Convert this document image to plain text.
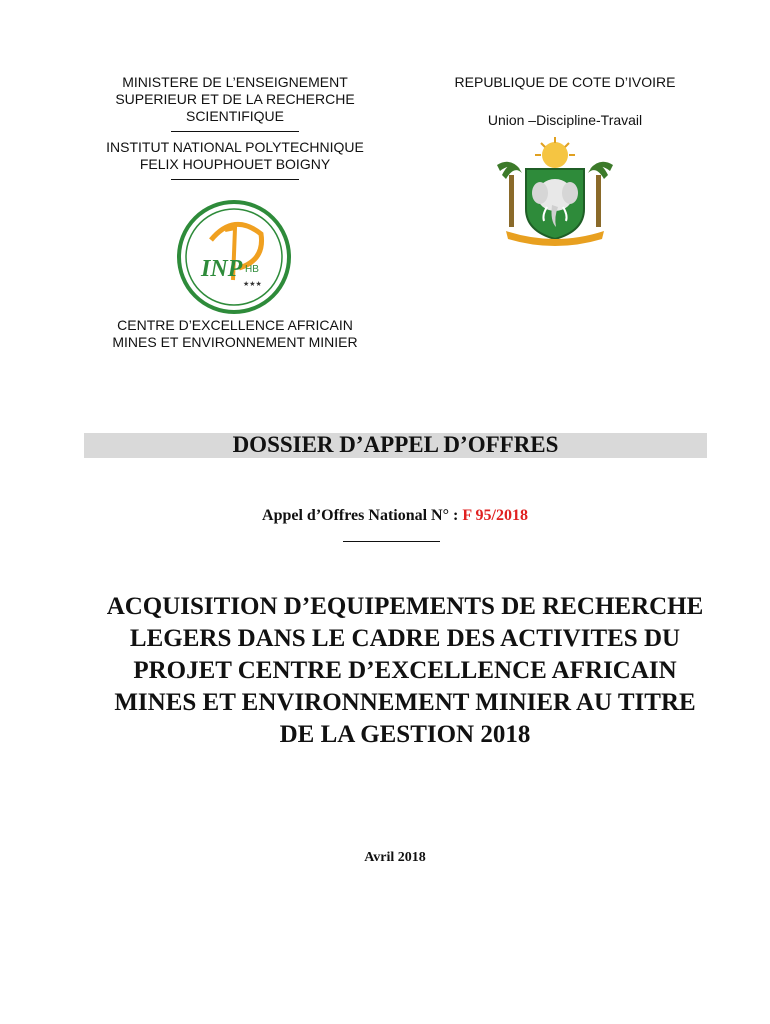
MINISTERE DE L’ENSEIGNEMENT
SUPERIEUR ET DE LA RECHERCHE
SCIENTIFIQUE
INSTITUT NATIONAL POLYTECHNIQUE
FELIX HOUPHOUET BOIGNY
REPUBLIQUE DE COTE D’IVOIRE
Union –Discipline-Travail
INP HB
★★★
CENTRE D’EXCELLENCE AFRICAIN
MINES ET ENVIRONNEMENT MINIER
DOSSIER D’APPEL D’OFFRES
Appel d’Offres National N° : F 95/2018
ACQUISITION D’EQUIPEMENTS DE RECHERCHE
LEGERS DANS LE CADRE DES ACTIVITES DU
PROJET CENTRE D’EXCELLENCE AFRICAIN
MINES ET ENVIRONNEMENT MINIER AU TITRE
DE LA GESTION 2018
Avril 2018
